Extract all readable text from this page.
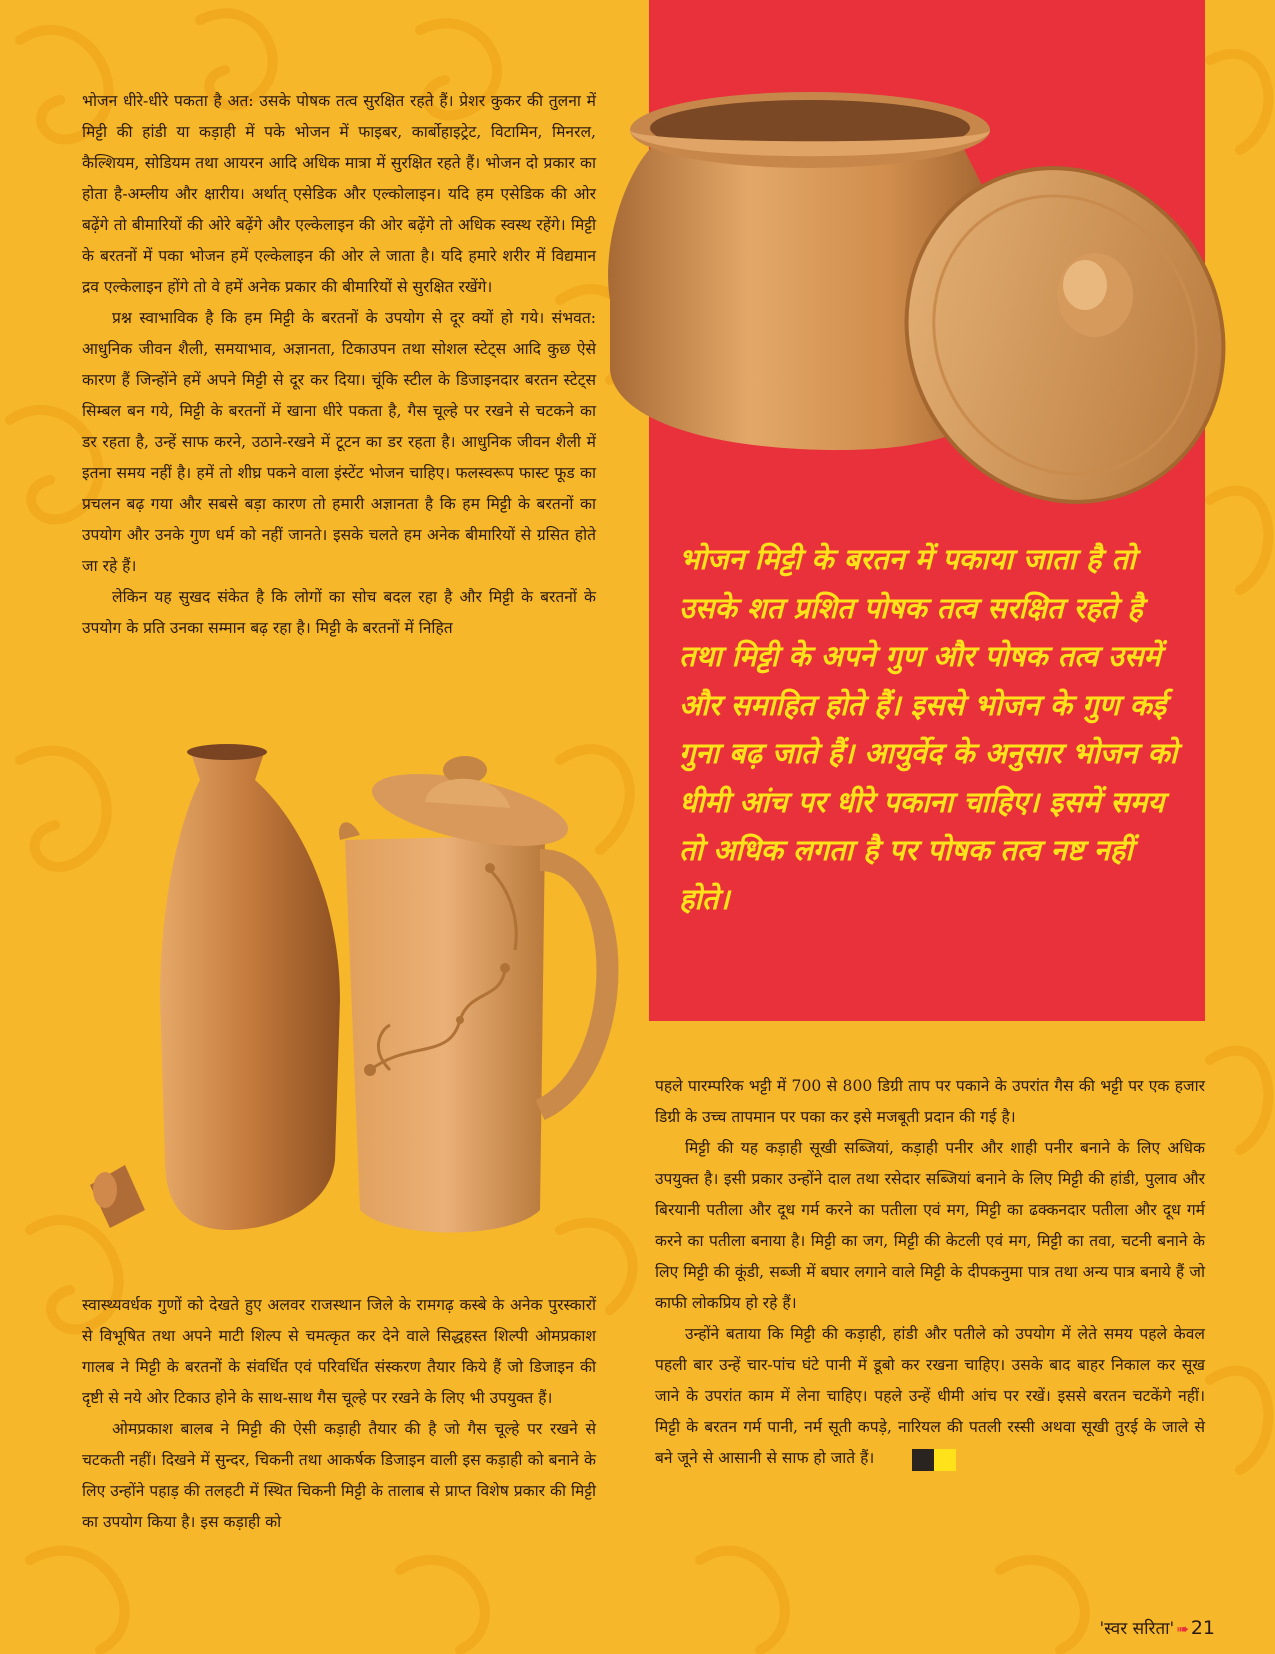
भोजन धीरे-धीरे पकता है अत: उसके पोषक तत्व सुरक्षित रहते हैं। प्रेशर कुकर की तुलना में मिट्टी की हांडी या कड़ाही में पके भोजन में फाइबर, कार्बोहाइट्रेट, विटामिन, मिनरल, कैल्शियम, सोडियम तथा आयरन आदि अधिक मात्रा में सुरक्षित रहते हैं। भोजन दो प्रकार का होता है-अम्लीय और क्षारीय। अर्थात् एसेडिक और एल्कोलाइन। यदि हम एसेडिक की ओर बढ़ेंगे तो बीमारियों की ओरे बढ़ेंगे और एल्केलाइन की ओर बढ़ेंगे तो अधिक स्वस्थ रहेंगे। मिट्टी के बरतनों में पका भोजन हमें एल्केलाइन की ओर ले जाता है। यदि हमारे शरीर में विद्यमान द्रव एल्केलाइन होंगे तो वे हमें अनेक प्रकार की बीमारियों से सुरक्षित रखेंगे।

प्रश्न स्वाभाविक है कि हम मिट्टी के बरतनों के उपयोग से दूर क्यों हो गये। संभवत: आधुनिक जीवन शैली, समयाभाव, अज्ञानता, टिकाउपन तथा सोशल स्टेट्स आदि कुछ ऐसे कारण हैं जिन्होंने हमें अपने मिट्टी से दूर कर दिया। चूंकि स्टील के डिजाइनदार बरतन स्टेट्स सिम्बल बन गये, मिट्टी के बरतनों में खाना धीरे पकता है, गैस चूल्हे पर रखने से चटकने का डर रहता है, उन्हें साफ करने, उठाने-रखने में टूटन का डर रहता है। आधुनिक जीवन शैली में इतना समय नहीं है। हमें तो शीघ्र पकने वाला इंस्टेंट भोजन चाहिए। फलस्वरूप फास्ट फूड का प्रचलन बढ़ गया और सबसे बड़ा कारण तो हमारी अज्ञानता है कि हम मिट्टी के बरतनों का उपयोग और उनके गुण धर्म को नहीं जानते। इसके चलते हम अनेक बीमारियों से ग्रसित होते जा रहे हैं।

लेकिन यह सुखद संकेत है कि लोगों का सोच बदल रहा है और मिट्टी के बरतनों के उपयोग के प्रति उनका सम्मान बढ़ रहा है। मिट्टी के बरतनों में निहित

भोजन मिट्टी के बरतन में पकाया जाता है तो उसके शत प्रशित पोषक तत्व सरक्षित रहते है तथा मिट्टी के अपने गुण और पोषक तत्व उसमें और समाहित होते हैं। इससे भोजन के गुण कई गुना बढ़ जाते हैं। आयुर्वेद के अनुसार भोजन को धीमी आंच पर धीरे पकाना चाहिए। इसमें समय तो अधिक लगता है पर पोषक तत्व नष्ट नहीं होते।

पहले पारम्परिक भट्टी में 700 से 800 डिग्री ताप पर पकाने के उपरांत गैस की भट्टी पर एक हजार डिग्री के उच्च तापमान पर पका कर इसे मजबूती प्रदान की गई है।

मिट्टी की यह कड़ाही सूखी सब्जियां, कड़ाही पनीर और शाही पनीर बनाने के लिए अधिक उपयुक्त है। इसी प्रकार उन्होंने दाल तथा रसेदार सब्जियां बनाने के लिए मिट्टी की हांडी, पुलाव और बिरयानी पतीला और दूध गर्म करने का पतीला एवं मग, मिट्टी का ढक्कनदार पतीला और दूध गर्म करने का पतीला बनाया है। मिट्टी का जग, मिट्टी की केटली एवं मग, मिट्टी का तवा, चटनी बनाने के लिए मिट्टी की कूंडी, सब्जी में बघार लगाने वाले मिट्टी के दीपकनुमा पात्र तथा अन्य पात्र बनाये हैं जो काफी लोकप्रिय हो रहे हैं।

उन्होंने बताया कि मिट्टी की कड़ाही, हांडी और पतीले को उपयोग में लेते समय पहले केवल पहली बार उन्हें चार-पांच घंटे पानी में डूबो कर रखना चाहिए। उसके बाद बाहर निकाल कर सूख जाने के उपरांत काम में लेना चाहिए। पहले उन्हें धीमी आंच पर रखें। इससे बरतन चटकेंगे नहीं। मिट्टी के बरतन गर्म पानी, नर्म सूती कपड़े, नारियल की पतली रस्सी अथवा सूखी तुरई के जाले से बने जूने से आसानी से साफ हो जाते हैं।

स्वास्थ्यवर्धक गुणों को देखते हुए अलवर राजस्थान जिले के रामगढ़ कस्बे के अनेक पुरस्कारों से विभूषित तथा अपने माटी शिल्प से चमत्कृत कर देने वाले सिद्धहस्त शिल्पी ओमप्रकाश गालब ने मिट्टी के बरतनों के संवर्धित एवं परिवर्धित संस्करण तैयार किये हैं जो डिजाइन की दृष्टी से नये ओर टिकाउ होने के साथ-साथ गैस चूल्हे पर रखने के लिए भी उपयुक्त हैं।

ओमप्रकाश बालब ने मिट्टी की ऐसी कड़ाही तैयार की है जो गैस चूल्हे पर रखने से चटकती नहीं। दिखने में सुन्दर, चिकनी तथा आकर्षक डिजाइन वाली इस कड़ाही को बनाने के लिए उन्होंने पहाड़ की तलहटी में स्थित चिकनी मिट्टी के तालाब से प्राप्त विशेष प्रकार की मिट्टी का उपयोग किया है। इस कड़ाही को

'स्वर सरिता' ➠ 21
